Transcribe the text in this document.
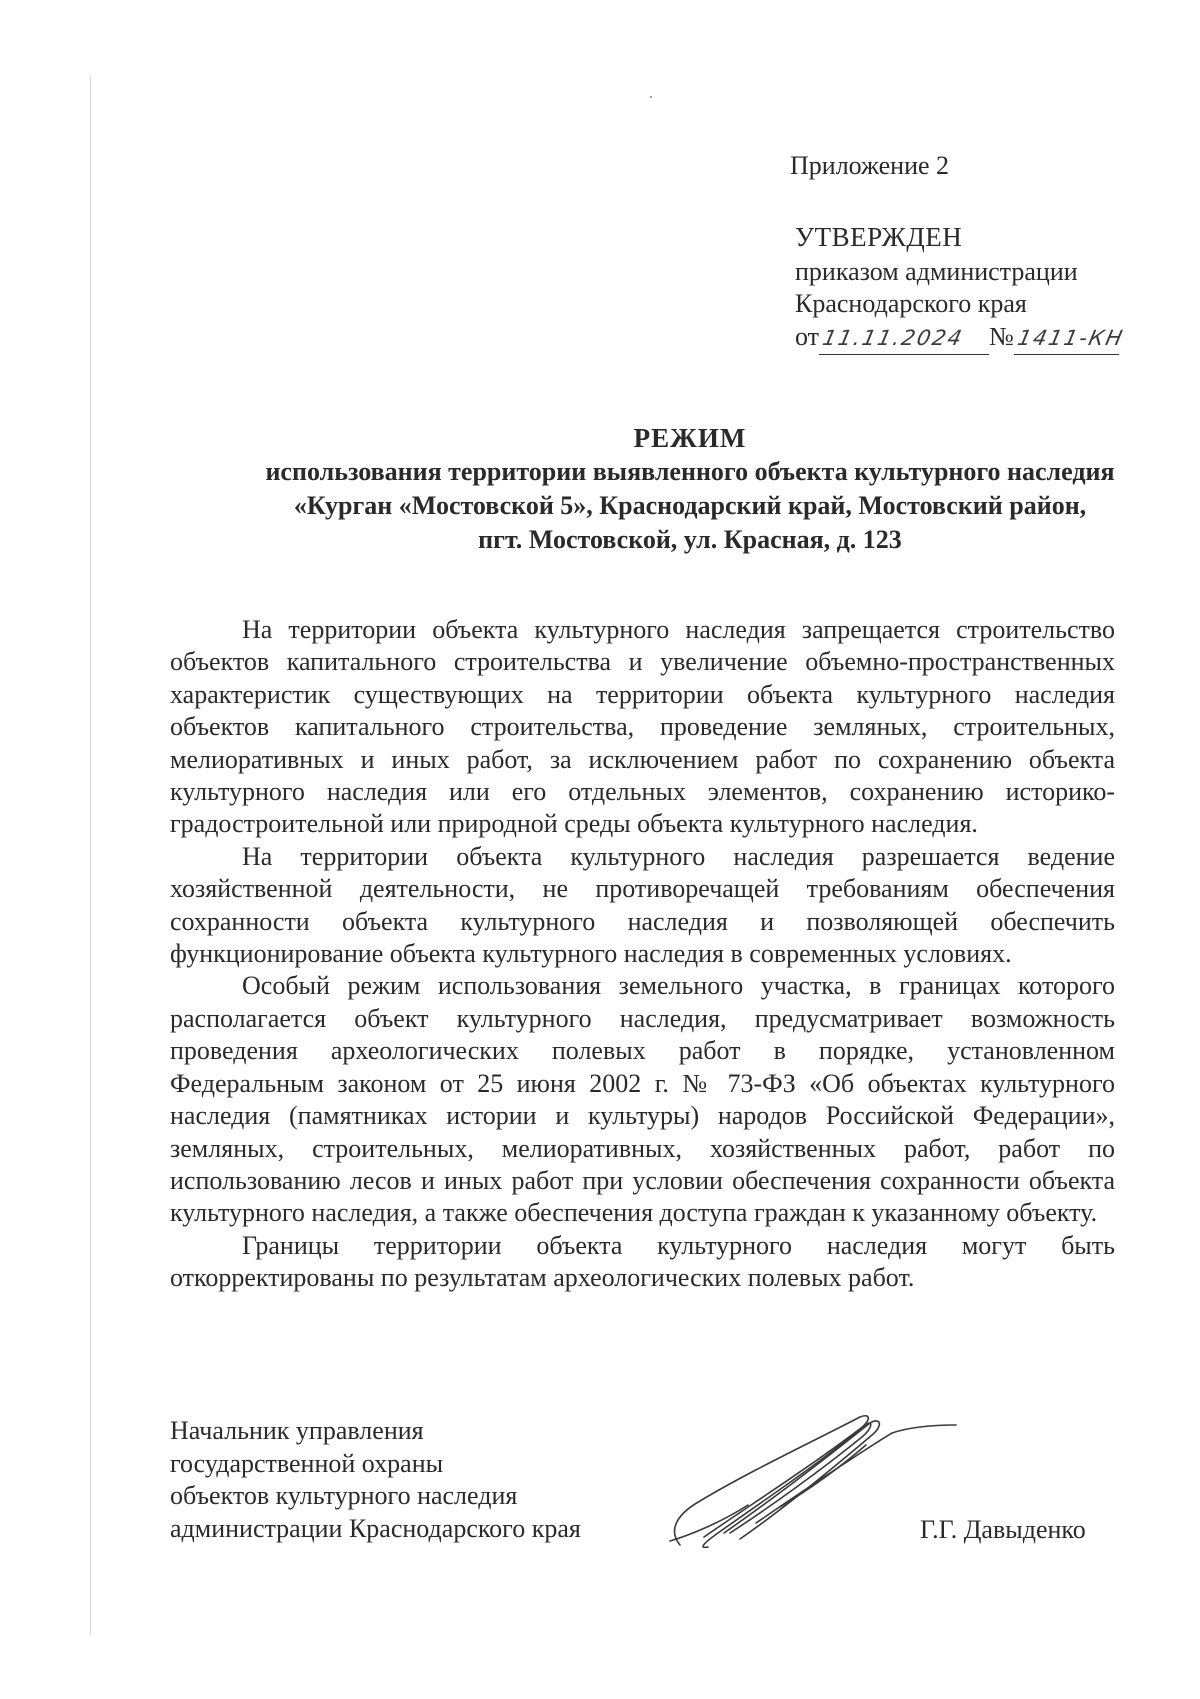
Приложение 2
УТВЕРЖДЕН
приказом администрации
Краснодарского края
от 11.11.2024 № 1411-КН

РЕЖИМ
использования территории выявленного объекта культурного наследия
«Курган «Мостовской 5», Краснодарский край, Мостовский район,
пгт. Мостовской, ул. Красная, д. 123

На территории объекта культурного наследия запрещается строительство объектов капитального строительства и увеличение объемно-пространственных характеристик существующих на территории объекта культурного наследия объектов капитального строительства, проведение земляных, строительных, мелиоративных и иных работ, за исключением работ по сохранению объекта культурного наследия или его отдельных элементов, сохранению историко-градостроительной или природной среды объекта культурного наследия.

На территории объекта культурного наследия разрешается ведение хозяйственной деятельности, не противоречащей требованиям обеспечения сохранности объекта культурного наследия и позволяющей обеспечить функционирование объекта культурного наследия в современных условиях.

Особый режим использования земельного участка, в границах которого располагается объект культурного наследия, предусматривает возможность проведения археологических полевых работ в порядке, установленном Федеральным законом от 25 июня 2002 г. № 73-ФЗ «Об объектах культурного наследия (памятниках истории и культуры) народов Российской Федерации», земляных, строительных, мелиоративных, хозяйственных работ, работ по использованию лесов и иных работ при условии обеспечения сохранности объекта культурного наследия, а также обеспечения доступа граждан к указанному объекту.

Границы территории объекта культурного наследия могут быть откорректированы по результатам археологических полевых работ.

Начальник управления
государственной охраны
объектов культурного наследия
администрации Краснодарского края	Г.Г. Давыденко
